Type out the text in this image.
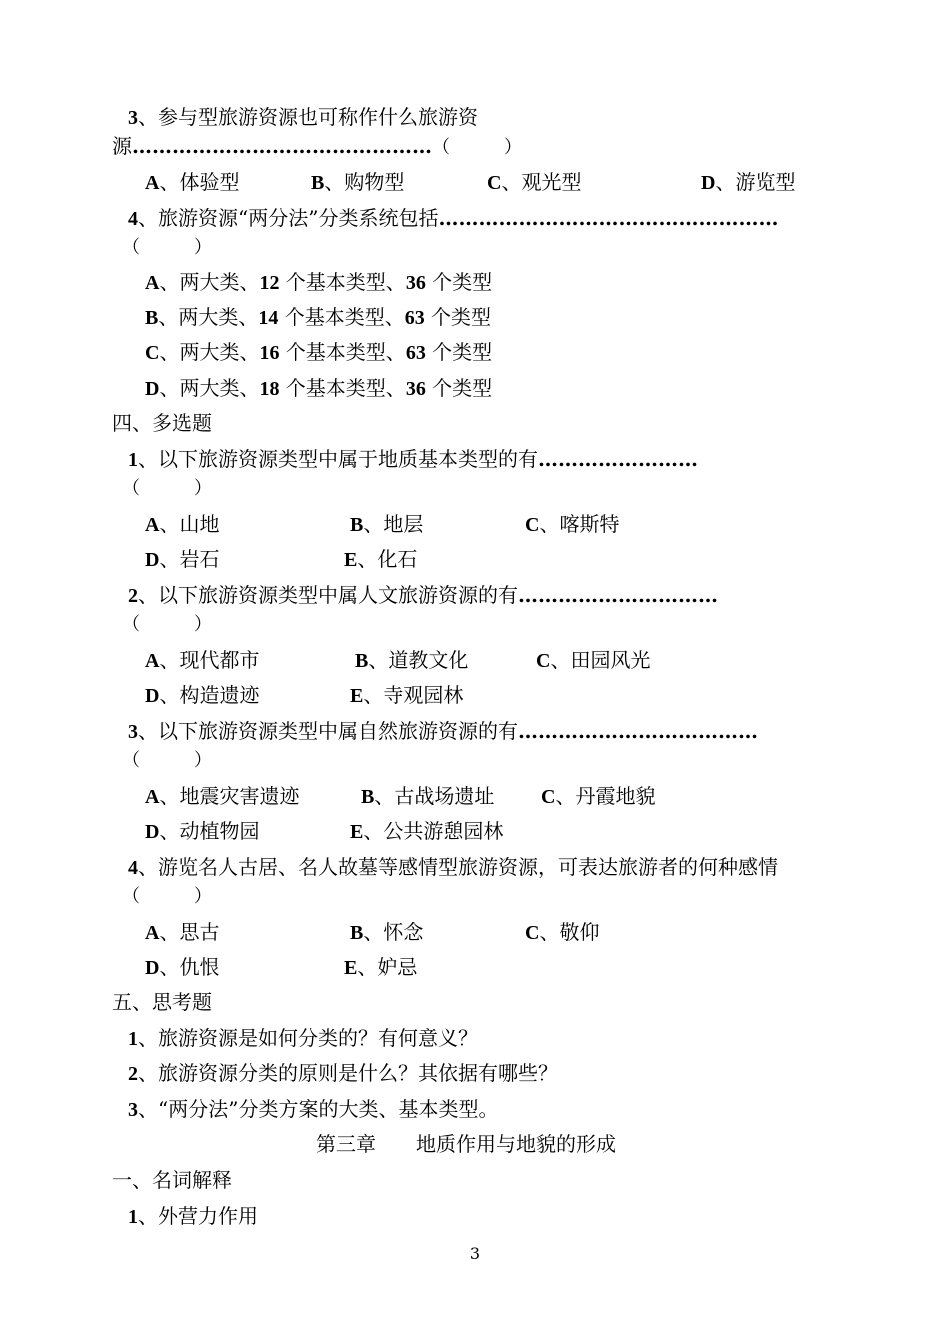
3、参与型旅游资源也可称作什么旅游资
源………………………………………（　　　）
A、体验型	B、购物型	C、观光型	D、游览型
4、旅游资源“两分法”分类系统包括……………………………………………
（　　　）
A、两大类、12 个基本类型、36 个类型
B、两大类、14 个基本类型、63 个类型
C、两大类、16 个基本类型、63 个类型
D、两大类、18 个基本类型、36 个类型
四、多选题
1、以下旅游资源类型中属于地质基本类型的有……………………
（　　　）
A、山地	B、地层	C、喀斯特
D、岩石	E、化石
2、以下旅游资源类型中属人文旅游资源的有…………………………
（　　　）
A、现代都市	B、道教文化	C、田园风光
D、构造遗迹	E、寺观园林
3、以下旅游资源类型中属自然旅游资源的有………………………………
（　　　）
A、地震灾害遗迹	B、古战场遗址 C、丹霞地貌
D、动植物园	E、公共游憩园林
4、游览名人古居、名人故墓等感情型旅游资源，可表达旅游者的何种感情
（　　　）
A、思古	B、怀念	C、敬仰
D、仇恨	E、妒忌
五、思考题
1、旅游资源是如何分类的？有何意义？
2、旅游资源分类的原则是什么？其依据有哪些？
3、“两分法”分类方案的大类、基本类型。
第三章　　地质作用与地貌的形成
一、名词解释
1、外营力作用
3
